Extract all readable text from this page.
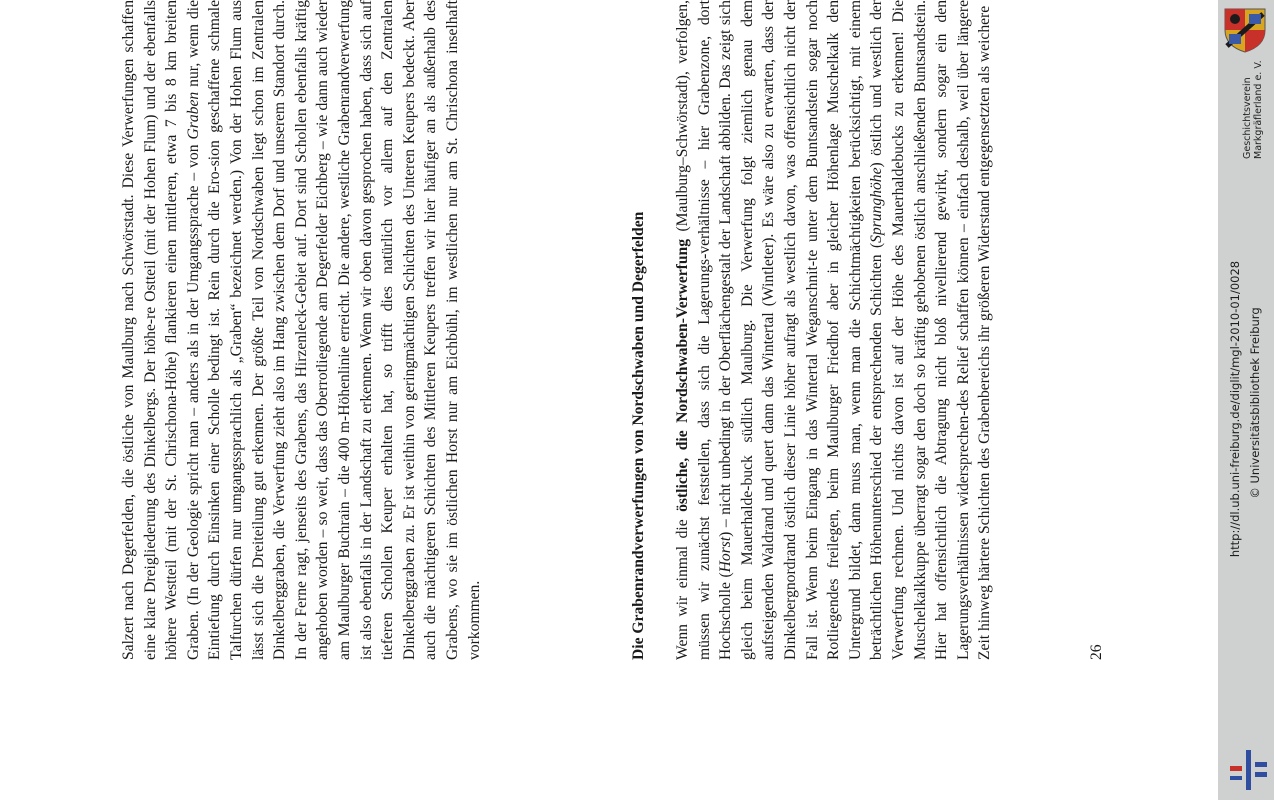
Salzert nach Degerfelden, die östliche von Maulburg nach Schwörstadt. Diese Verwerfungen schaffen eine klare Dreigliederung des Dinkelbergs. Der höhe-re Ostteil (mit der Hohen Flum) und der ebenfalls höhere Westteil (mit der St. Chrischona-Höhe) flankieren einen mittleren, etwa 7 bis 8 km breiten Graben. (In der Geologie spricht man – anders als in der Umgangssprache – von Graben nur, wenn die Eintiefung durch Einsinken einer Scholle bedingt ist. Rein durch die Ero-sion geschaffene schmale Talfurchen dürfen nur umgangssprachlich als „Graben“ bezeichnet werden.) Von der Hohen Flum aus lässt sich die Dreiteilung gut erkennen. Der größte Teil von Nordschwaben liegt schon im Zentralen Dinkelberggraben, die Verwerfung zieht also im Hang zwischen dem Dorf und unserem Standort durch. In der Ferne ragt, jenseits des Grabens, das Hirzenleck-Gebiet auf. Dort sind Schollen ebenfalls kräftig angehoben worden – so weit, dass das Oberrotliegende am Degerfelder Eichberg – wie dann auch wieder am Maulburger Buchrain – die 400 m-Höhenlinie erreicht. Die andere, westliche Grabenrandverwerfung ist also ebenfalls in der Landschaft zu erkennen. Wenn wir oben davon gesprochen haben, dass sich auf tieferen Schollen Keuper erhalten hat, so trifft dies natürlich vor allem auf den Zentralen Dinkelberggraben zu. Er ist weithin von geringmächtigen Schichten des Unteren Keupers bedeckt. Aber auch die mächtigeren Schichten des Mittleren Keupers treffen wir hier häufiger an als außerhalb des Grabens, wo sie im östlichen Horst nur am Eichbühl, im westlichen nur am St. Chrischona inselhaft vorkommen.	Die Grabenrandverwerfungen von Nordschwaben und Degerfelden Wenn wir einmal die östliche, die Nordschwaben-Verwerfung (Maulburg–Schwörstadt), verfolgen, müssen wir zunächst feststellen, dass sich die Lagerungs-verhältnisse – hier Grabenzone, dort Hochscholle (Horst) – nicht unbedingt in der Oberflächengestalt der Landschaft abbilden. Das zeigt sich gleich beim Mauerhalde-buck südlich Maulburg. Die Verwerfung folgt ziemlich genau dem aufsteigenden Waldrand und quert dann das Wintertal (Wintleter). Es wäre also zu erwarten, dass der Dinkelbergnordrand östlich dieser Linie höher aufragt als westlich davon, was offensichtlich nicht der Fall ist. Wenn beim Eingang in das Wintertal Weganschnit-te unter dem Buntsandstein sogar noch Rotliegendes freilegen, beim Maulburger Friedhof aber in gleicher Höhenlage Muschelkalk den Untergrund bildet, dann muss man, wenn man die Schichtmächtigkeiten berücksichtigt, mit einem beträchtlichen Höhenunterschied der entsprechenden Schichten (Sprunghöhe) östlich und westlich der Verwerfung rechnen. Und nichts davon ist auf der Höhe des Mauerhaldebucks zu erkennen! Die Muschelkalkkuppe überragt sogar den doch so kräftig gehobenen östlich anschließenden Buntsandstein. Hier hat offensichtlich die Abtragung nicht bloß nivellierend gewirkt, sondern sogar ein den Lagerungsverhältnissen widersprechen-des Relief schaffen können – einfach deshalb, weil über längere Zeit hinweg härtere Schichten des Grabenbereichs ihr größeren Widerstand entgegensetzten als weichere	26
Geschichtsverein Markgräflerland e. V.
http://dl.ub.uni-freiburg.de/diglit/mgl-2010-01/0028 © Universitätsbibliothek Freiburg
